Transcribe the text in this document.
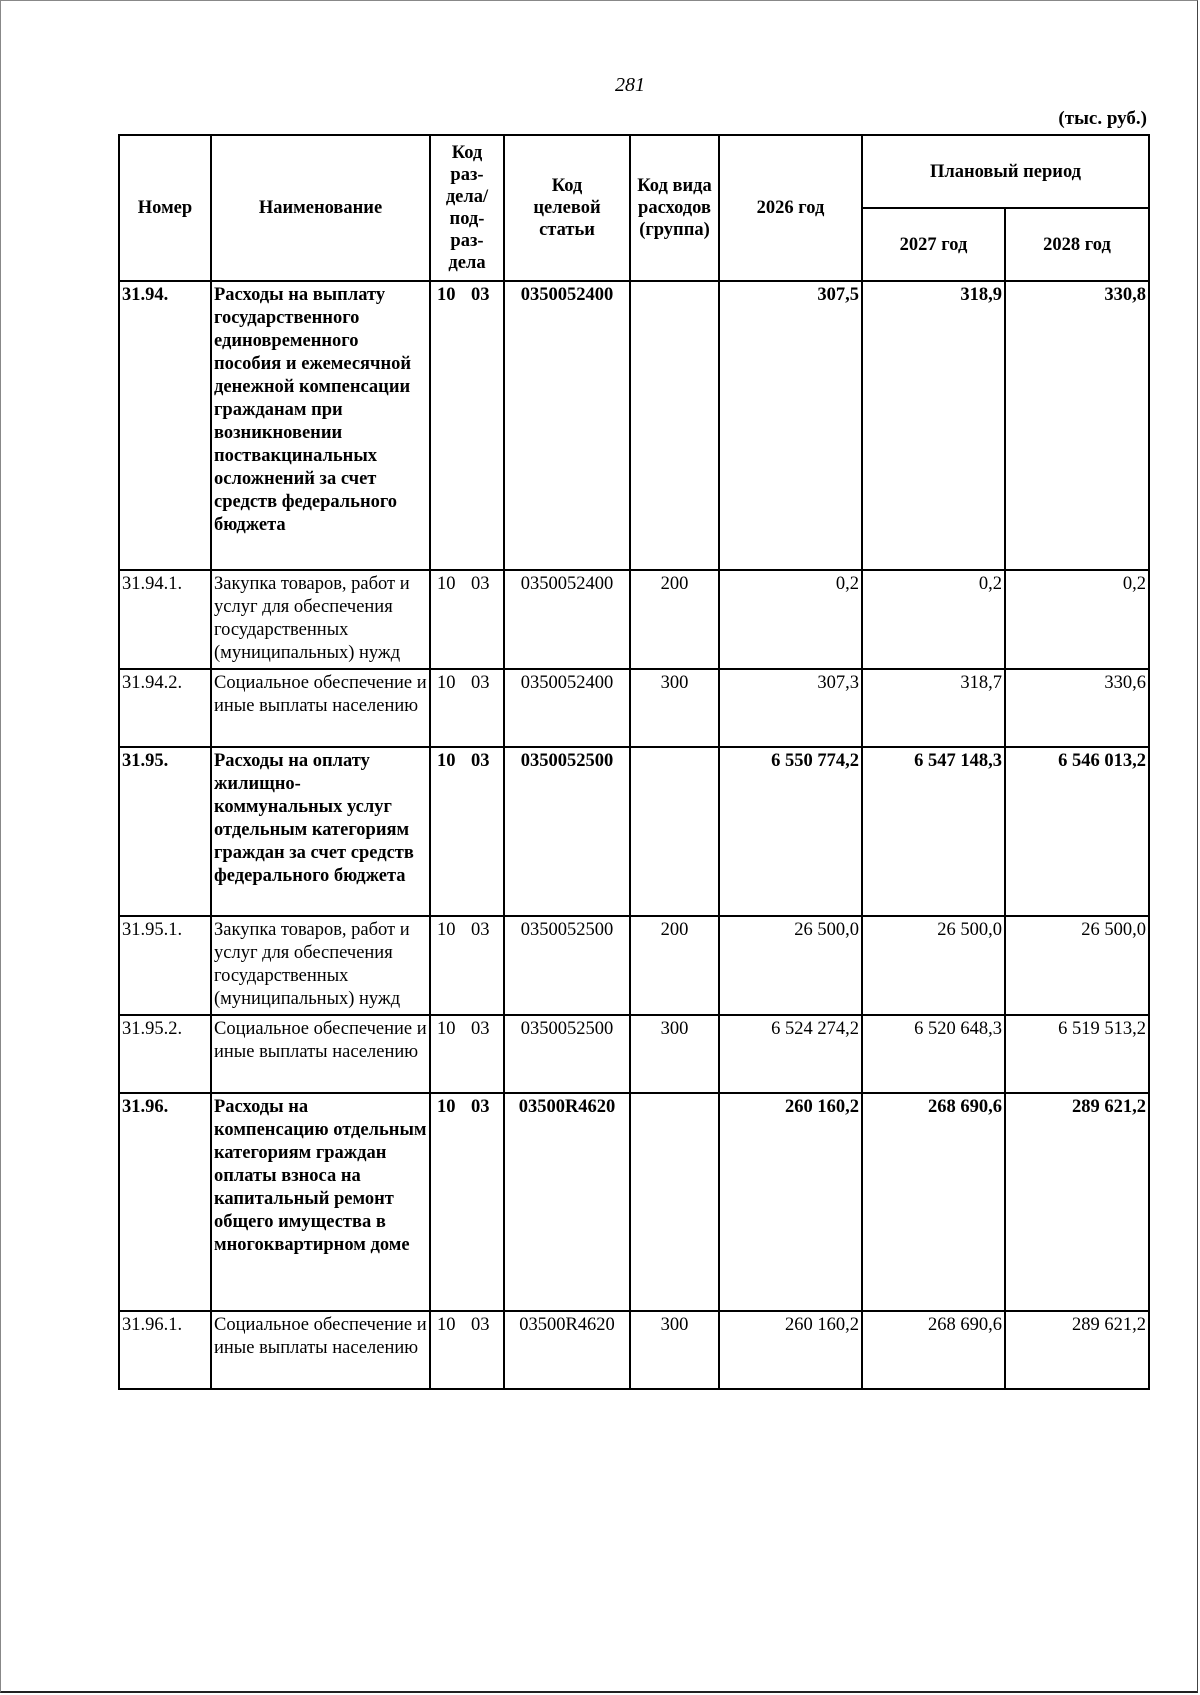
281
(тыс. руб.)
Номер	Наименование	Код раз-дела/ под-раз-дела	Код целевой статьи	Код вида расходов (группа)	2026 год	Плановый период	
						2027 год	2028 год
31.94.	Расходы на выплату государственного единовременного пособия и ежемесячной денежной компенсации гражданам при возникновении поствакцинальных осложнений за счет средств федерального бюджета	10 03	0350052400		307,5	318,9	330,8
31.94.1.	Закупка товаров, работ и услуг для обеспечения государственных (муниципальных) нужд	10 03	0350052400	200	0,2	0,2	0,2
31.94.2.	Социальное обеспечение и иные выплаты населению	10 03	0350052400	300	307,3	318,7	330,6
31.95.	Расходы на оплату жилищно-коммунальных услуг отдельным категориям граждан за счет средств федерального бюджета	10 03	0350052500		6 550 774,2	6 547 148,3	6 546 013,2
31.95.1.	Закупка товаров, работ и услуг для обеспечения государственных (муниципальных) нужд	10 03	0350052500	200	26 500,0	26 500,0	26 500,0
31.95.2.	Социальное обеспечение и иные выплаты населению	10 03	0350052500	300	6 524 274,2	6 520 648,3	6 519 513,2
31.96.	Расходы на компенсацию отдельным категориям граждан оплаты взноса на капитальный ремонт общего имущества в многоквартирном доме	10 03	03500R4620		260 160,2	268 690,6	289 621,2
31.96.1.	Социальное обеспечение и иные выплаты населению	10 03	03500R4620	300	260 160,2	268 690,6	289 621,2
